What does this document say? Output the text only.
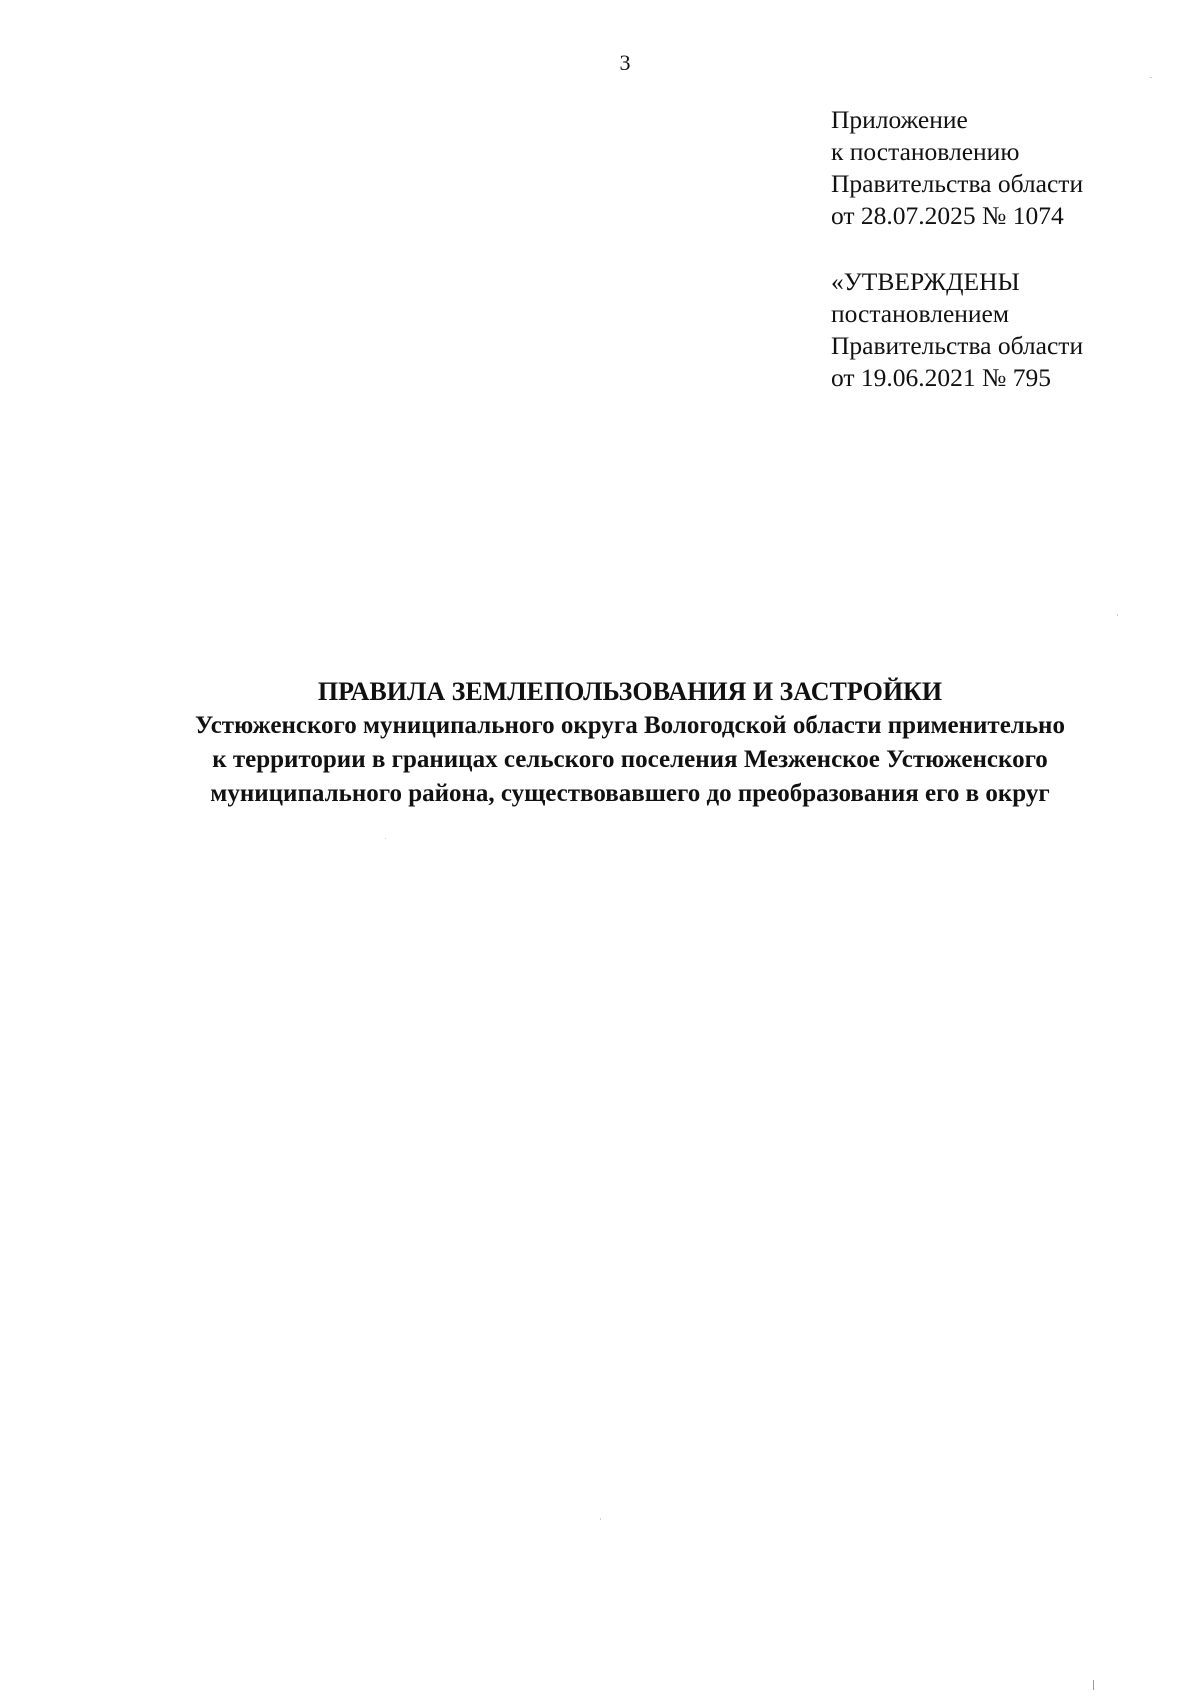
3
Приложение
к постановлению
Правительства области
от 28.07.2025 № 1074
«УТВЕРЖДЕНЫ
постановлением
Правительства области
от 19.06.2021 № 795
ПРАВИЛА ЗЕМЛЕПОЛЬЗОВАНИЯ И ЗАСТРОЙКИ
Устюженского муниципального округа Вологодской области применительно
к территории в границах сельского поселения Мезженское Устюженского
муниципального района, существовавшего до преобразования его в округ
